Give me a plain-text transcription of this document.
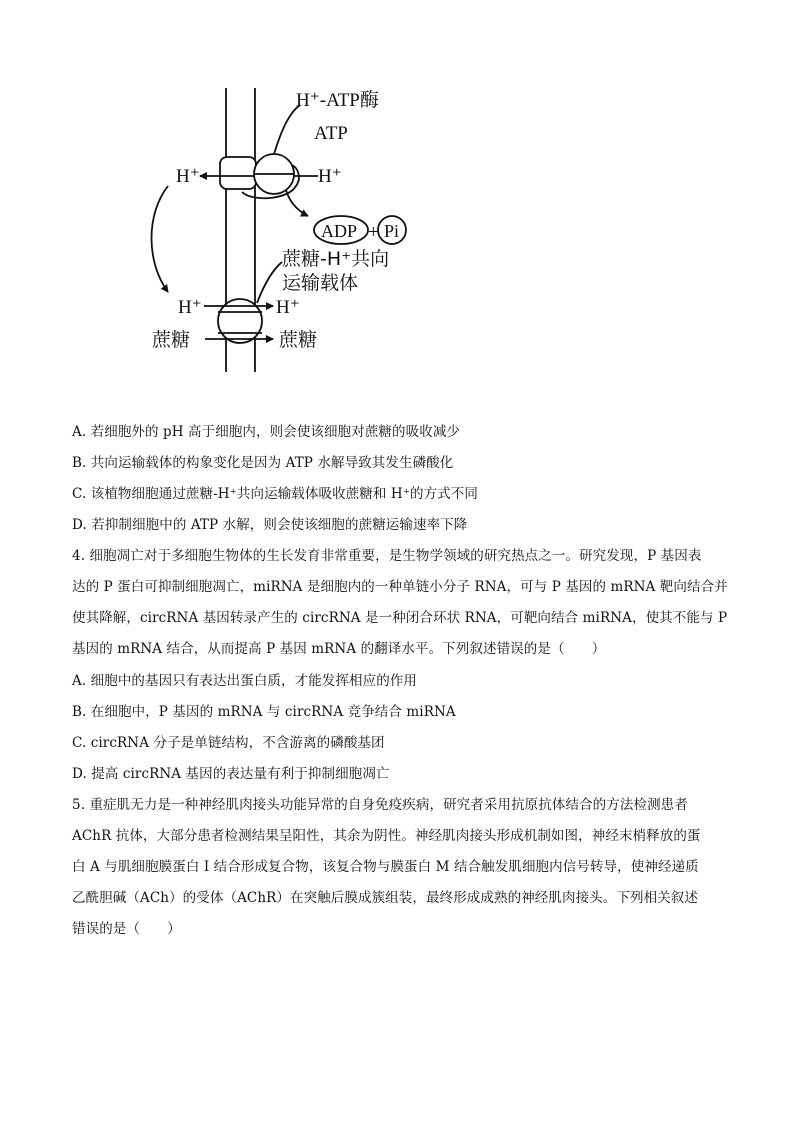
H⁺-ATP酶
ATP
H⁺	H⁺
ADP + Pi
蔗糖-H⁺共向
运输载体
H⁺	H⁺
蔗糖	蔗糖
A. 若细胞外的 pH 高于细胞内，则会使该细胞对蔗糖的吸收减少
B. 共向运输载体的构象变化是因为 ATP 水解导致其发生磷酸化
C. 该植物细胞通过蔗糖-H⁺共向运输载体吸收蔗糖和 H⁺的方式不同
D. 若抑制细胞中的 ATP 水解，则会使该细胞的蔗糖运输速率下降
4. 细胞凋亡对于多细胞生物体的生长发育非常重要，是生物学领域的研究热点之一。研究发现，P 基因表
达的 P 蛋白可抑制细胞凋亡，miRNA 是细胞内的一种单链小分子 RNA，可与 P 基因的 mRNA 靶向结合并
使其降解，circRNA 基因转录产生的 circRNA 是一种闭合环状 RNA，可靶向结合 miRNA，使其不能与 P
基因的 mRNA 结合，从而提高 P 基因 mRNA 的翻译水平。下列叙述错误的是（　　）
A. 细胞中的基因只有表达出蛋白质，才能发挥相应的作用
B. 在细胞中，P 基因的 mRNA 与 circRNA 竞争结合 miRNA
C. circRNA 分子是单链结构，不含游离的磷酸基团
D. 提高 circRNA 基因的表达量有利于抑制细胞凋亡
5. 重症肌无力是一种神经肌肉接头功能异常的自身免疫疾病，研究者采用抗原抗体结合的方法检测患者
AChR 抗体，大部分患者检测结果呈阳性，其余为阴性。神经肌肉接头形成机制如图，神经末梢释放的蛋
白 A 与肌细胞膜蛋白 I 结合形成复合物，该复合物与膜蛋白 M 结合触发肌细胞内信号转导，使神经递质
乙酰胆碱（ACh）的受体（AChR）在突触后膜成簇组装，最终形成成熟的神经肌肉接头。下列相关叙述
错误的是（　　）
